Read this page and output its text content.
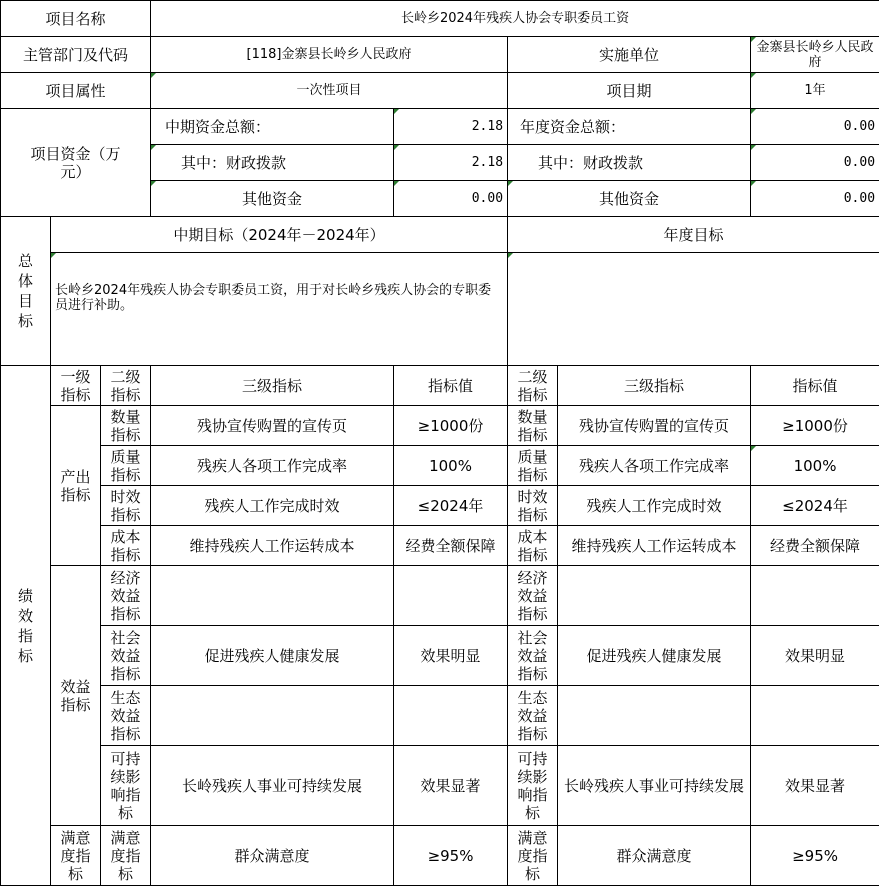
项目名称			长岭乡2024年残疾人协会专职委员工资				
主管部门及代码			[118]金寨县长岭乡人民政府		实施单位		金寨县长岭乡人民政府
项目属性			一次性项目		项目期		1年
项目资金（万元）			中期资金总额：	2.18	年度资金总额：		0.00
			其中：财政拨款	2.18	其中：财政拨款		0.00
			其他资金	0.00	其他资金		0.00
总体目标	中期目标（2024年－2024年）				年度目标		
	长岭乡2024年残疾人协会专职委员工资，用于对长岭乡残疾人协会的专职委员进行补助。						
绩效指标	一级指标	二级指标	三级指标	指标值	二级指标	三级指标	指标值
	产出指标	数量指标	残协宣传购置的宣传页	≥1000份	数量指标	残协宣传购置的宣传页	≥1000份
		质量指标	残疾人各项工作完成率	100%	质量指标	残疾人各项工作完成率	100%
		时效指标	残疾人工作完成时效	≤2024年	时效指标	残疾人工作完成时效	≤2024年
		成本指标	维持残疾人工作运转成本	经费全额保障	成本指标	维持残疾人工作运转成本	经费全额保障
	效益指标	经济效益指标			经济效益指标		
		社会效益指标	促进残疾人健康发展	效果明显	社会效益指标	促进残疾人健康发展	效果明显
		生态效益指标			生态效益指标		
		可持续影响指标	长岭残疾人事业可持续发展	效果显著	可持续影响指标	长岭残疾人事业可持续发展	效果显著
	满意度指标	满意度指标	群众满意度	≥95%	满意度指标	群众满意度	≥95%
